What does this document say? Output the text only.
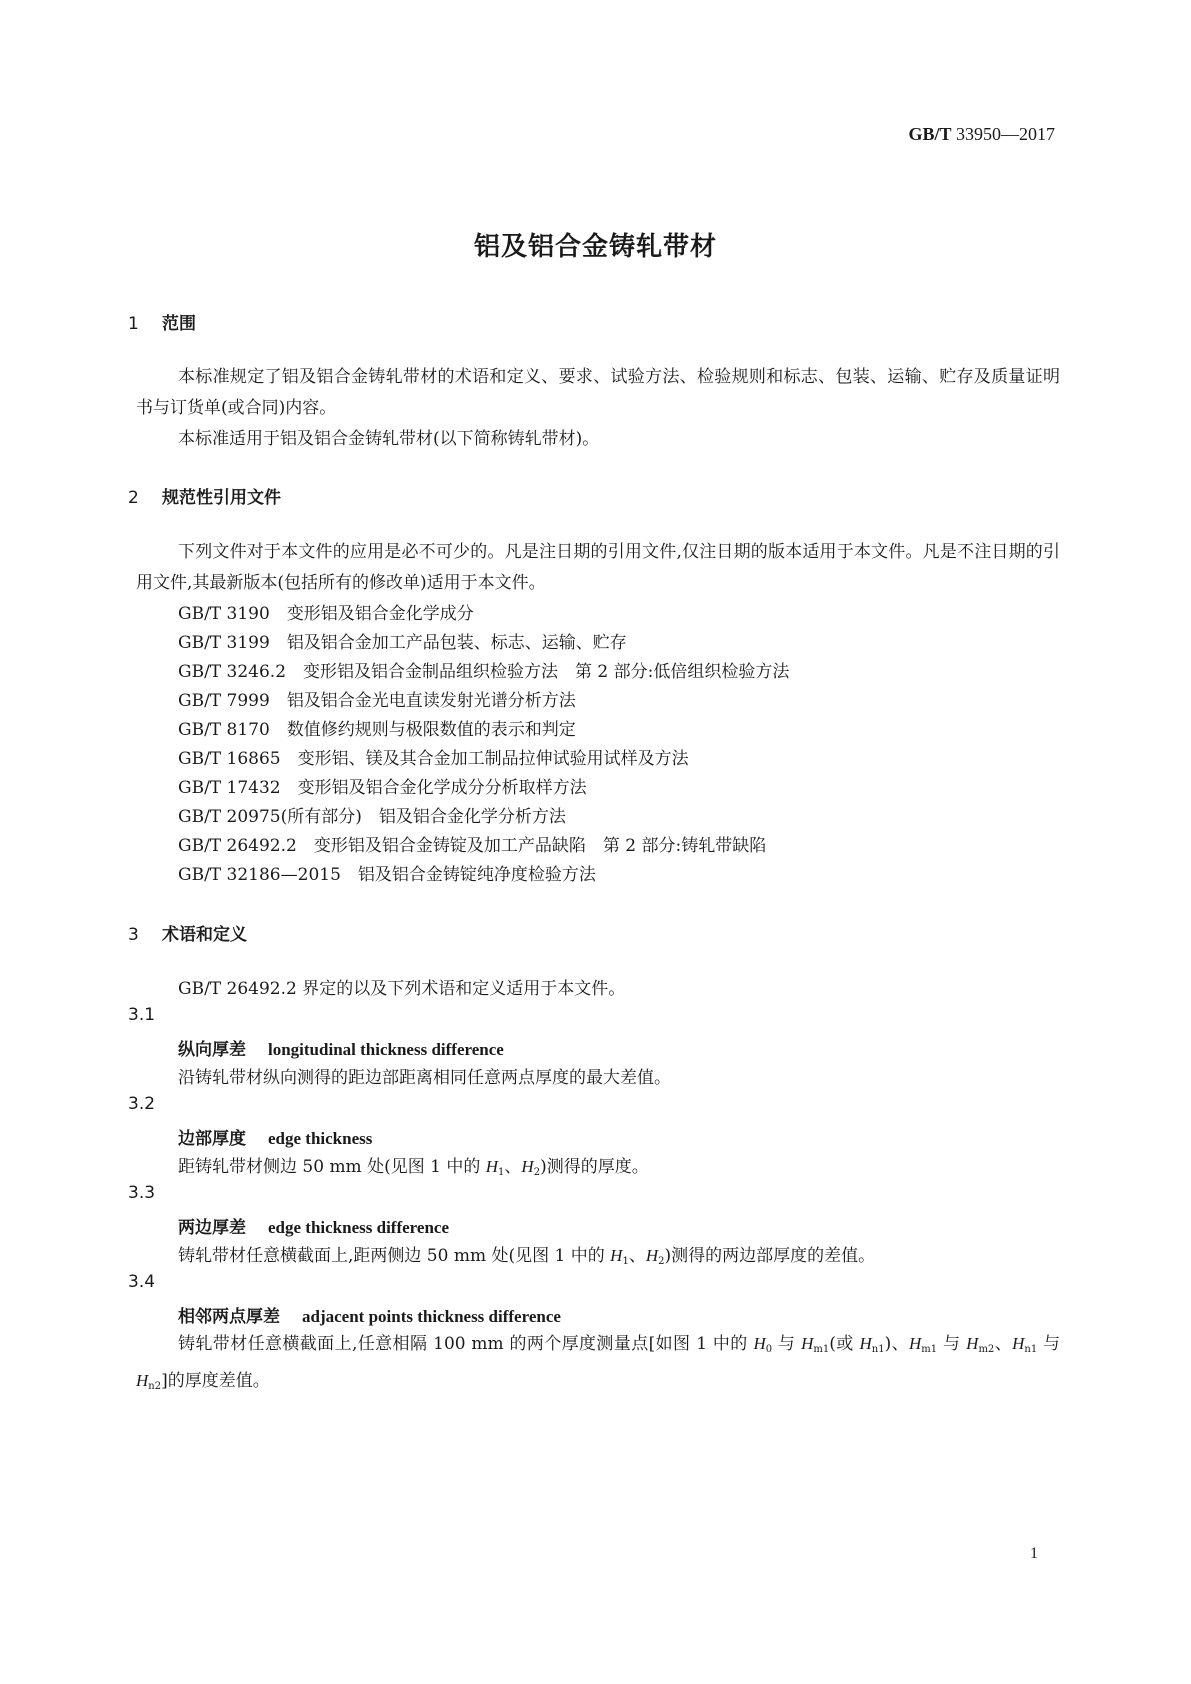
GB/T 33950—2017
铝及铝合金铸轧带材
1 范围
本标准规定了铝及铝合金铸轧带材的术语和定义、要求、试验方法、检验规则和标志、包装、运输、贮存及质量证明书与订货单(或合同)内容。
本标准适用于铝及铝合金铸轧带材(以下简称铸轧带材)。
2 规范性引用文件
下列文件对于本文件的应用是必不可少的。凡是注日期的引用文件,仅注日期的版本适用于本文件。凡是不注日期的引用文件,其最新版本(包括所有的修改单)适用于本文件。
GB/T 3190　 变形铝及铝合金化学成分
GB/T 3199　 铝及铝合金加工产品包装、标志、运输、贮存
GB/T 3246.2　 变形铝及铝合金制品组织检验方法　第 2 部分:低倍组织检验方法
GB/T 7999　 铝及铝合金光电直读发射光谱分析方法
GB/T 8170　 数值修约规则与极限数值的表示和判定
GB/T 16865　 变形铝、镁及其合金加工制品拉伸试验用试样及方法
GB/T 17432　 变形铝及铝合金化学成分分析取样方法
GB/T 20975(所有部分)　 铝及铝合金化学分析方法
GB/T 26492.2　 变形铝及铝合金铸锭及加工产品缺陷　第 2 部分:铸轧带缺陷
GB/T 32186—2015　 铝及铝合金铸锭纯净度检验方法
3 术语和定义
GB/T 26492.2 界定的以及下列术语和定义适用于本文件。
3.1
纵向厚差 longitudinal thickness difference
沿铸轧带材纵向测得的距边部距离相同任意两点厚度的最大差值。
3.2
边部厚度 edge thickness
距铸轧带材侧边 50 mm 处(见图 1 中的 $H_1$、$H_2$)测得的厚度。
3.3
两边厚差 edge thickness difference
铸轧带材任意横截面上,距两侧边 50 mm 处(见图 1 中的 $H_1$、$H_2$)测得的两边部厚度的差值。
3.4
相邻两点厚差 adjacent points thickness difference
铸轧带材任意横截面上,任意相隔 100 mm 的两个厚度测量点[如图 1 中的 $H_0$ 与 $H_{m1}$(或 $H_{n1}$)、$H_{m1}$ 与 $H_{m2}$、$H_{n1}$ 与 $H_{n2}$]的厚度差值。
1
